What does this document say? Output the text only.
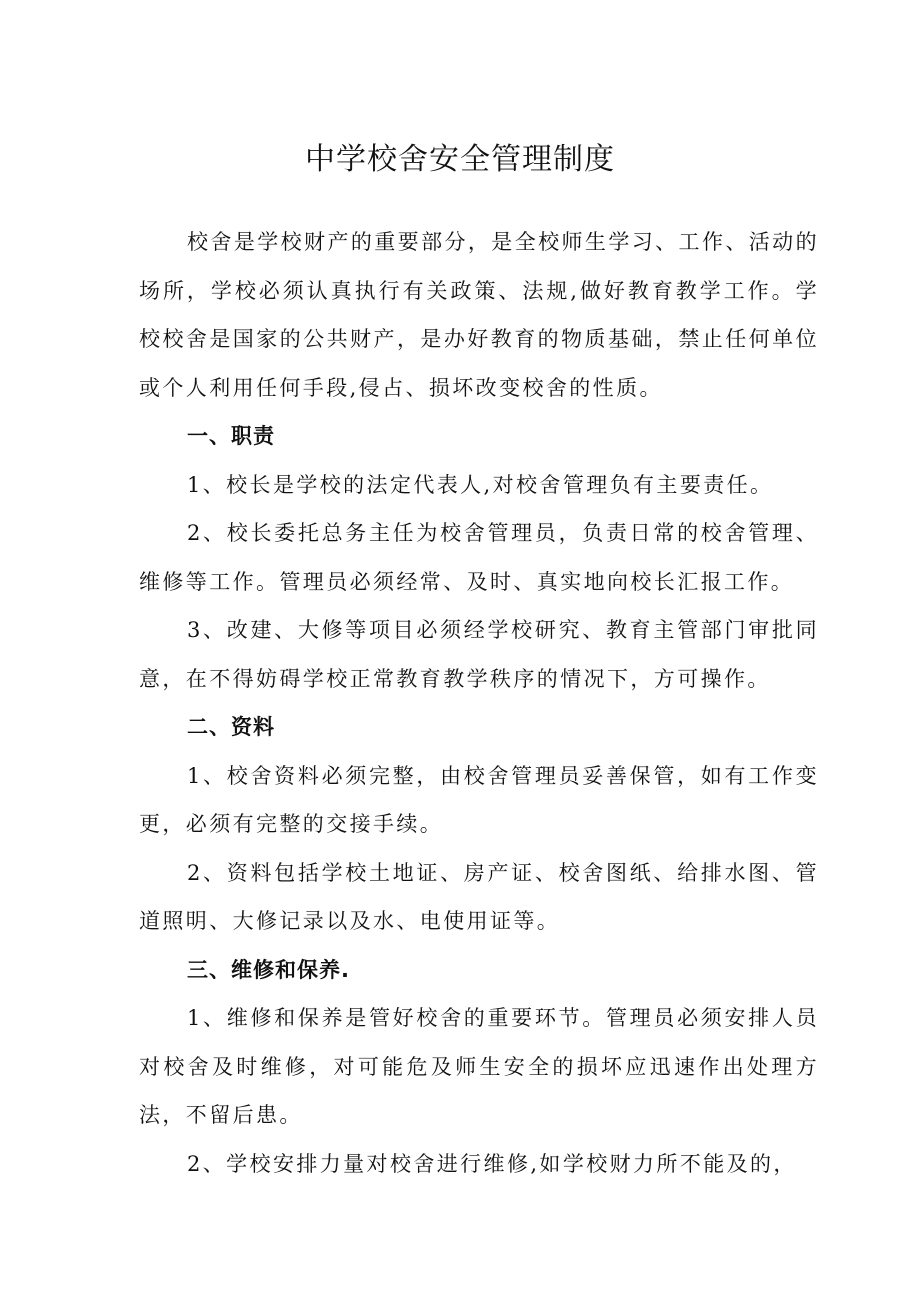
中学校舍安全管理制度

校舍是学校财产的重要部分，是全校师生学习、工作、活动的场所，学校必须认真执行有关政策、法规,做好教育教学工作。学校校舍是国家的公共财产，是办好教育的物质基础，禁止任何单位或个人利用任何手段,侵占、损坏改变校舍的性质。

一、职责

1、校长是学校的法定代表人,对校舍管理负有主要责任。

2、校长委托总务主任为校舍管理员，负责日常的校舍管理、维修等工作。管理员必须经常、及时、真实地向校长汇报工作。

3、改建、大修等项目必须经学校研究、教育主管部门审批同意，在不得妨碍学校正常教育教学秩序的情况下，方可操作。

二、资料

1、校舍资料必须完整，由校舍管理员妥善保管，如有工作变更，必须有完整的交接手续。

2、资料包括学校土地证、房产证、校舍图纸、给排水图、管道照明、大修记录以及水、电使用证等。

三、维修和保养.

1、维修和保养是管好校舍的重要环节。管理员必须安排人员对校舍及时维修，对可能危及师生安全的损坏应迅速作出处理方法，不留后患。

2、学校安排力量对校舍进行维修,如学校财力所不能及的，
